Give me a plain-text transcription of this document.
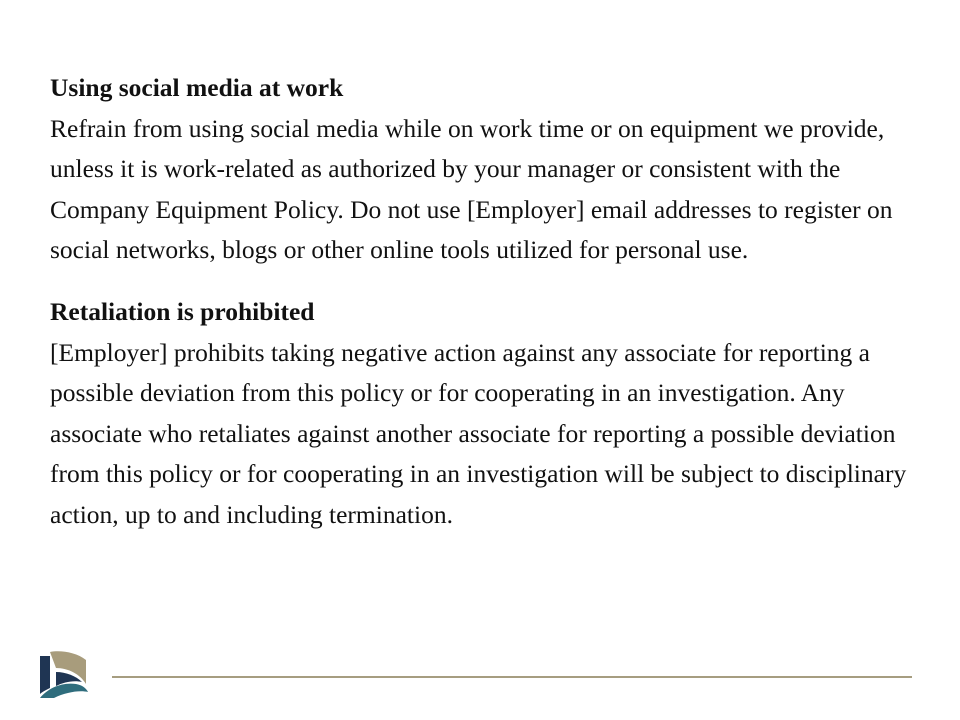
Using social media at work
Refrain from using social media while on work time or on equipment we provide, unless it is work-related as authorized by your manager or consistent with the Company Equipment Policy. Do not use [Employer] email addresses to register on social networks, blogs or other online tools utilized for personal use.
Retaliation is prohibited
[Employer] prohibits taking negative action against any associate for reporting a possible deviation from this policy or for cooperating in an investigation. Any associate who retaliates against another associate for reporting a possible deviation from this policy or for cooperating in an investigation will be subject to disciplinary action, up to and including termination.
